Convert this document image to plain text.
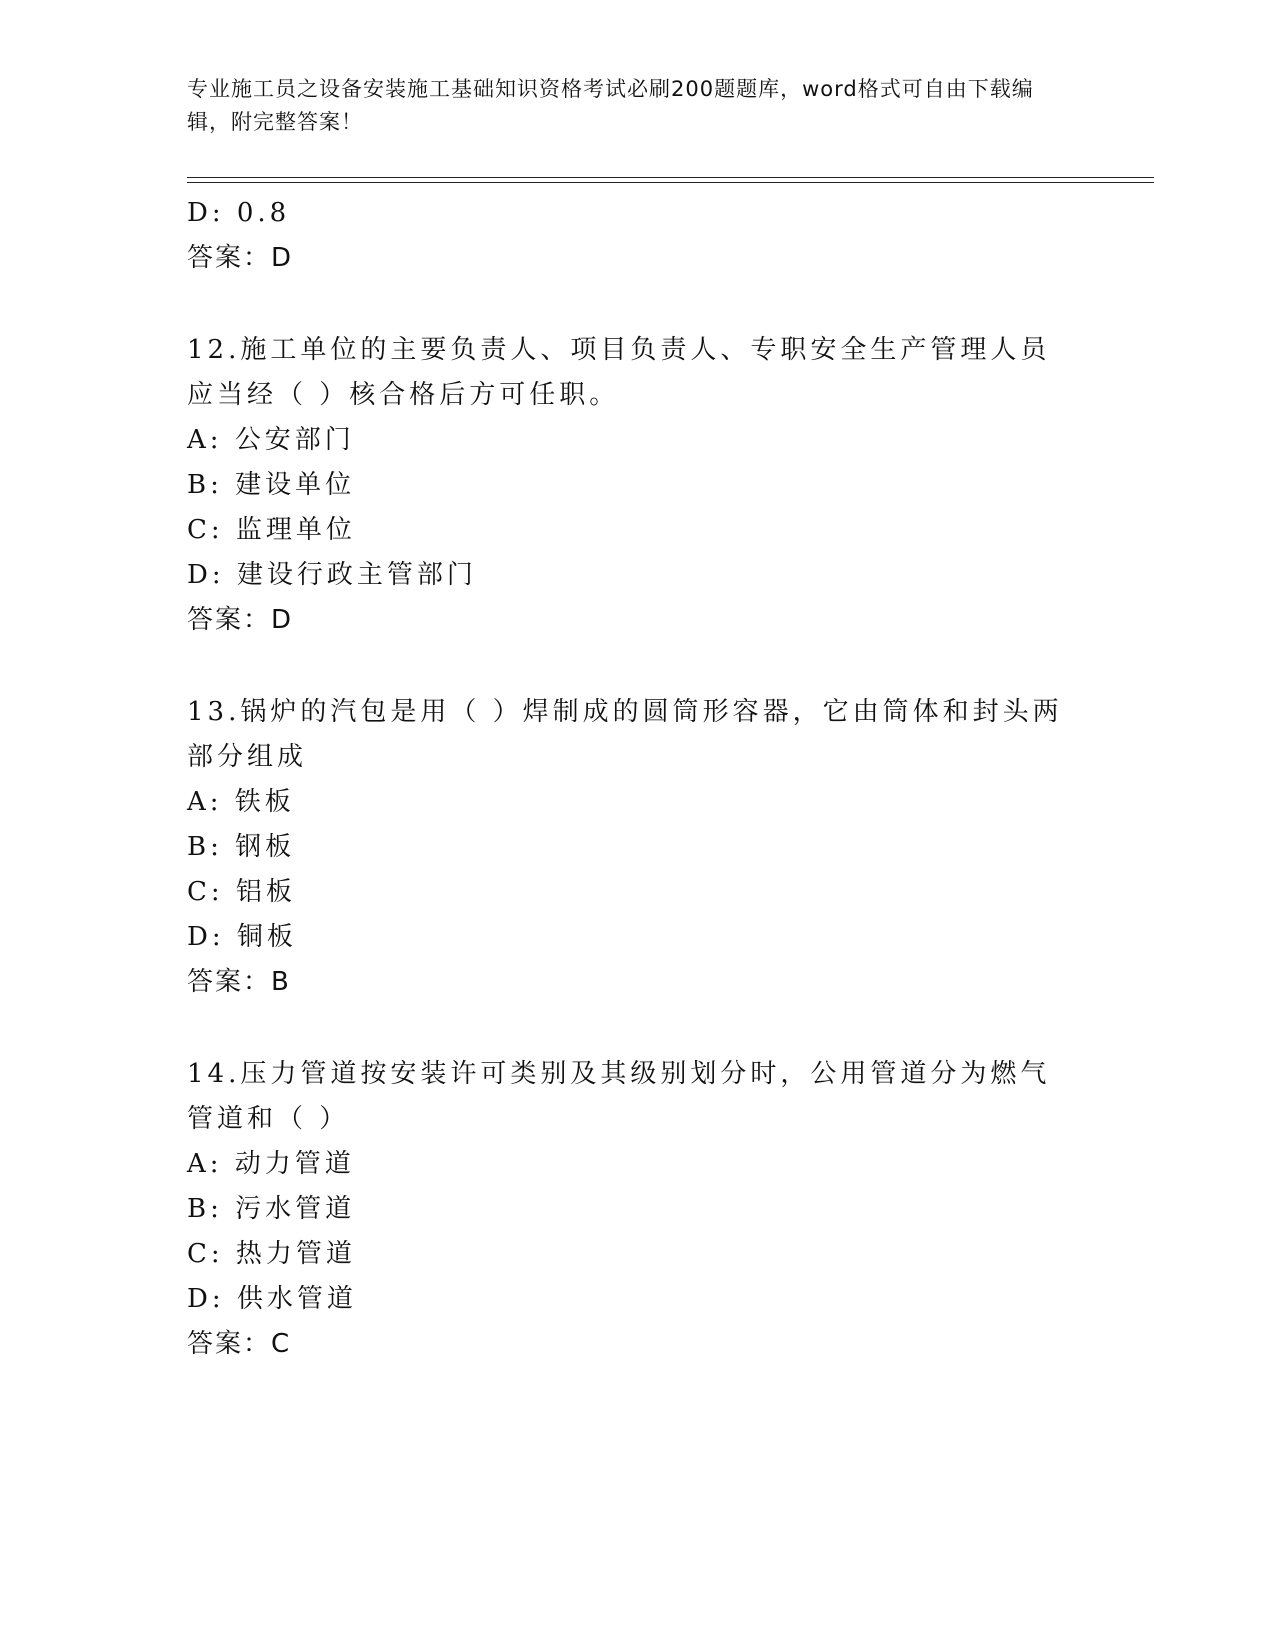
专业施工员之设备安装施工基础知识资格考试必刷200题题库，word格式可自由下载编辑，附完整答案！
D: 0.8
答案：D
12.施工单位的主要负责人、项目负责人、专职安全生产管理人员应当经（ ）核合格后方可任职。
A: 公安部门
B: 建设单位
C: 监理单位
D: 建设行政主管部门
答案：D
13.锅炉的汽包是用（ ）焊制成的圆筒形容器，它由筒体和封头两部分组成
A: 铁板
B: 钢板
C: 铝板
D: 铜板
答案：B
14.压力管道按安装许可类别及其级别划分时，公用管道分为燃气管道和（ ）
A: 动力管道
B: 污水管道
C: 热力管道
D: 供水管道
答案：C
